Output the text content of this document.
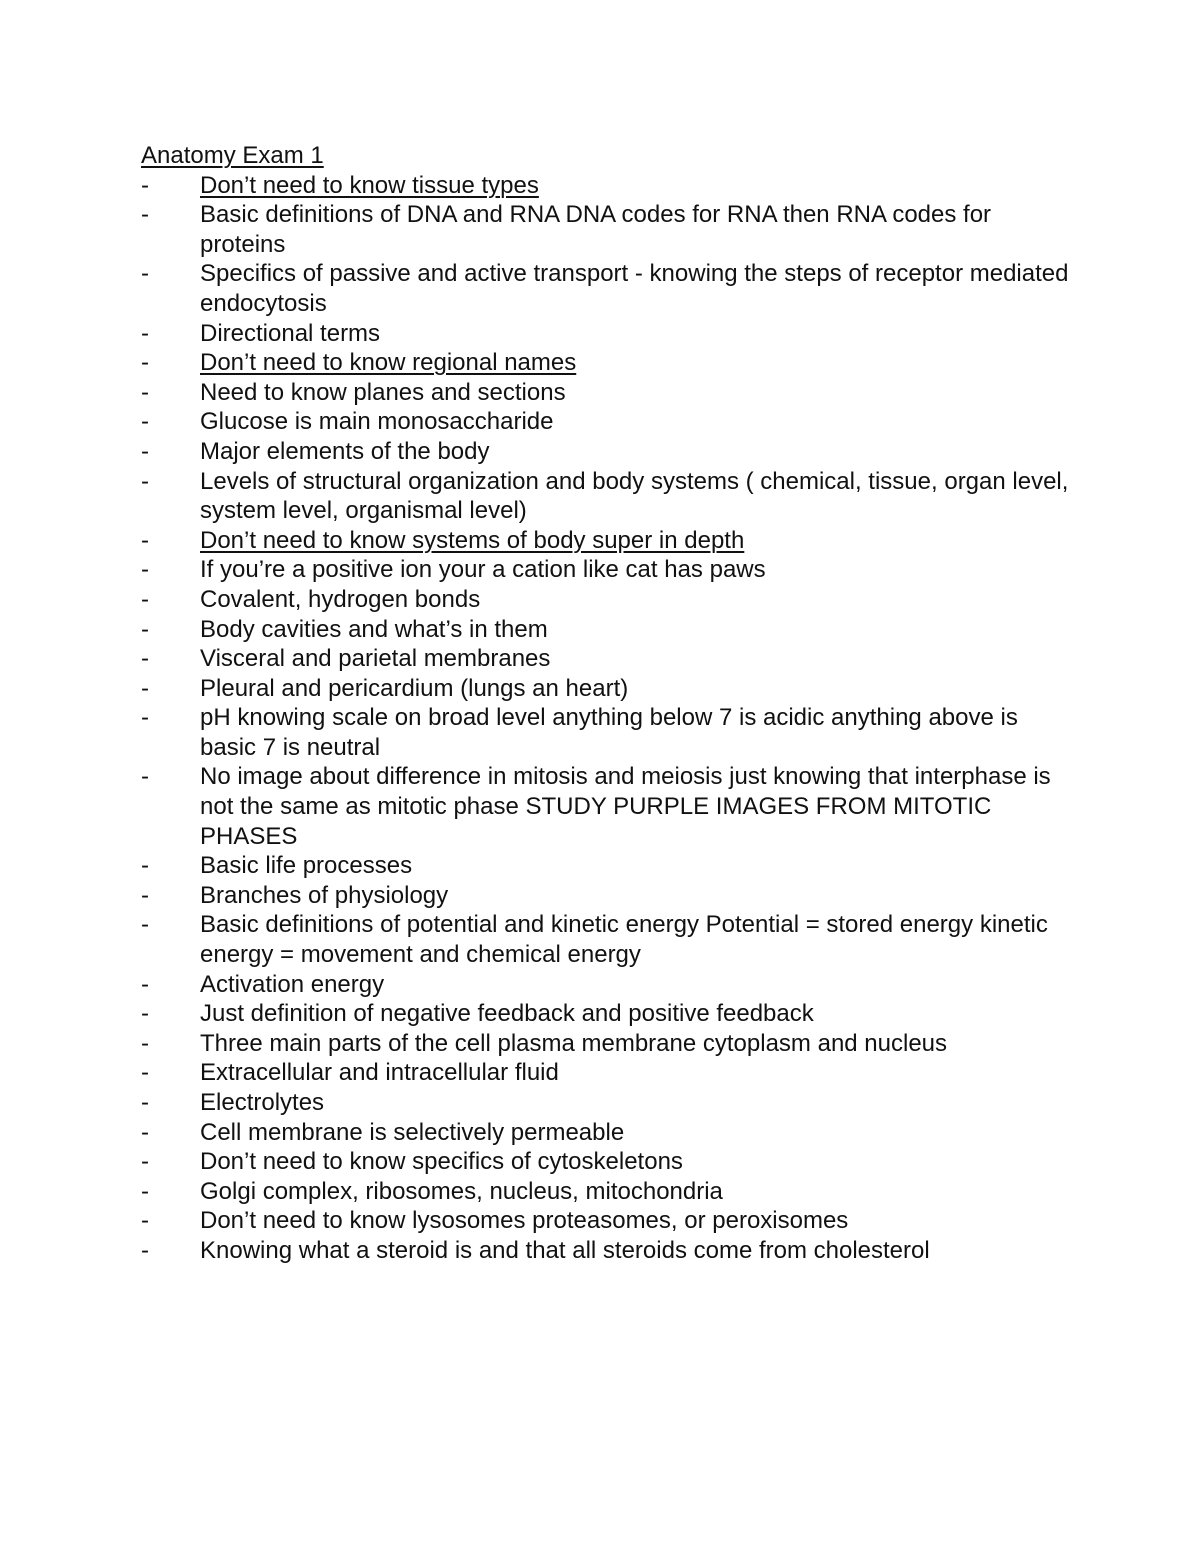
Anatomy Exam 1
-	Don’t need to know tissue types
-	Basic definitions of DNA and RNA DNA codes for RNA then RNA codes for proteins
-	Specifics of passive and active transport - knowing the steps of receptor mediated endocytosis
-	Directional terms
-	Don’t need to know regional names
-	Need to know planes and sections
-	Glucose is main monosaccharide
-	Major elements of the body
-	Levels of structural organization and body systems ( chemical, tissue, organ level, system level, organismal level)
-	Don’t need to know systems of body super in depth
-	If you’re a positive ion your a cation like cat has paws
-	Covalent, hydrogen bonds
-	Body cavities and what’s in them
-	Visceral and parietal membranes
-	Pleural and pericardium (lungs an heart)
-	pH knowing scale on broad level anything below 7 is acidic anything above is basic 7 is neutral
-	No image about difference in mitosis and meiosis just knowing that interphase is not the same as mitotic phase STUDY PURPLE IMAGES FROM MITOTIC PHASES
-	Basic life processes
-	Branches of physiology
-	Basic definitions of potential and kinetic energy Potential = stored energy kinetic energy = movement and chemical energy
-	Activation energy
-	Just definition of negative feedback and positive feedback
-	Three main parts of the cell plasma membrane cytoplasm and nucleus
-	Extracellular and intracellular fluid
-	Electrolytes
-	Cell membrane is selectively permeable
-	Don’t need to know specifics of cytoskeletons
-	Golgi complex, ribosomes, nucleus, mitochondria
-	Don’t need to know lysosomes proteasomes, or peroxisomes
-	Knowing what a steroid is and that all steroids come from cholesterol
